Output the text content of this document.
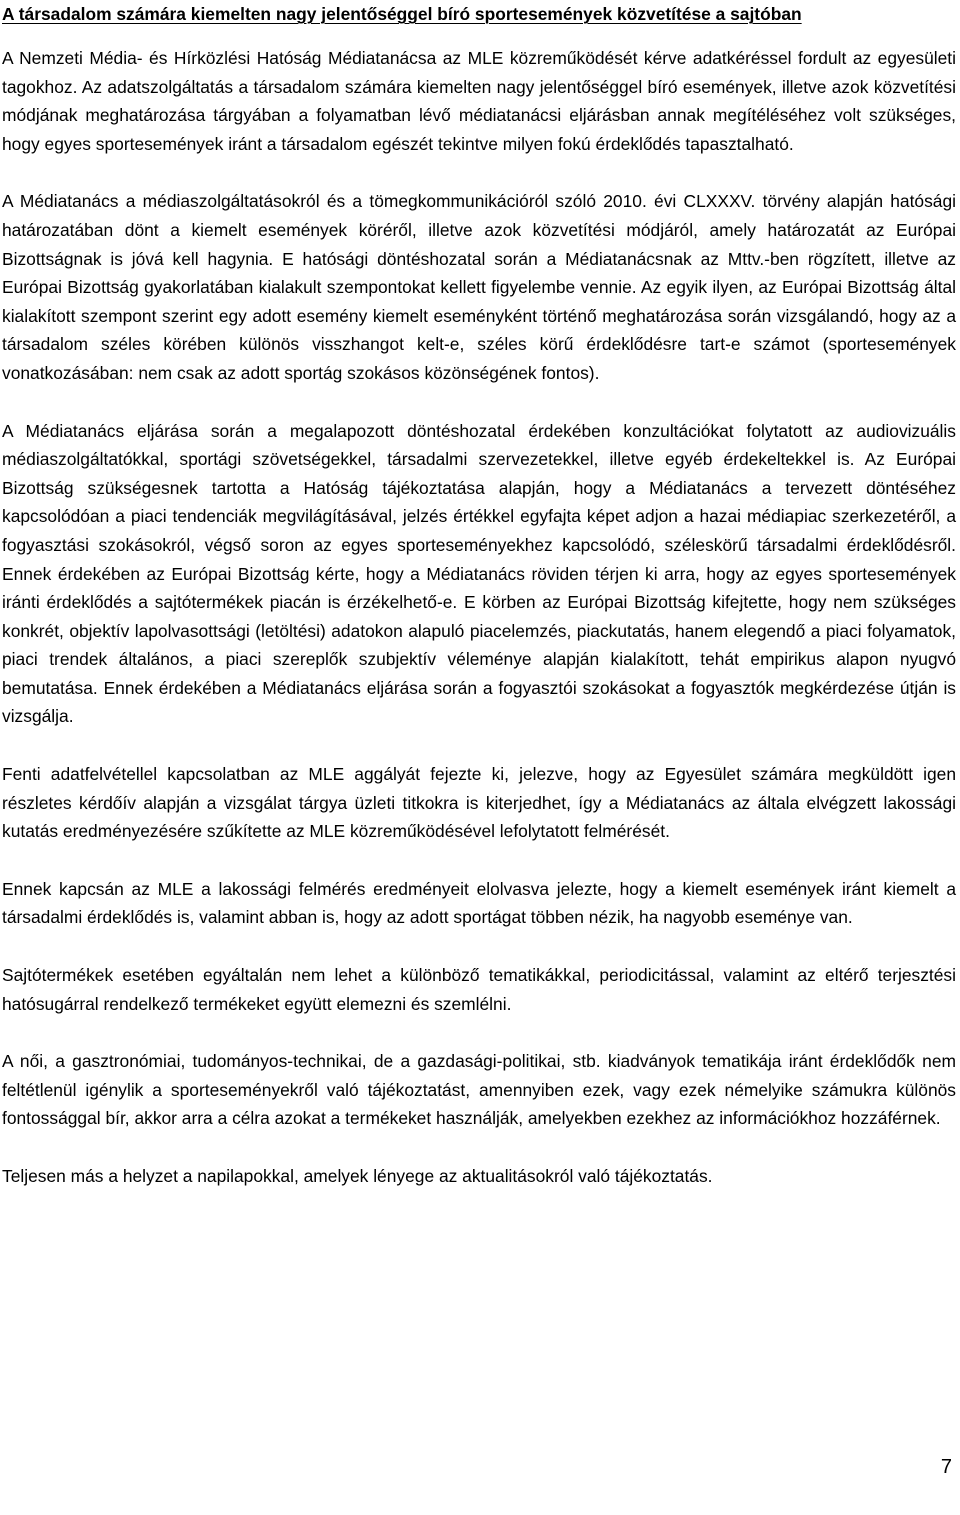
A társadalom számára kiemelten nagy jelentőséggel bíró sportesemények közvetítése a sajtóban

A Nemzeti Média- és Hírközlési Hatóság Médiatanácsa az MLE közreműködését kérve adatkéréssel fordult az egyesületi tagokhoz. Az adatszolgáltatás a társadalom számára kiemelten nagy jelentőséggel bíró események, illetve azok közvetítési módjának meghatározása tárgyában a folyamatban lévő médiatanácsi eljárásban annak megítéléséhez volt szükséges, hogy egyes sportesemények iránt a társadalom egészét tekintve milyen fokú érdeklődés tapasztalható.

A Médiatanács a médiaszolgáltatásokról és a tömegkommunikációról szóló 2010. évi CLXXXV. törvény alapján hatósági határozatában dönt a kiemelt események köréről, illetve azok közvetítési módjáról, amely határozatát az Európai Bizottságnak is jóvá kell hagynia. E hatósági döntéshozatal során a Médiatanácsnak az Mttv.-ben rögzített, illetve az Európai Bizottság gyakorlatában kialakult szempontokat kellett figyelembe vennie. Az egyik ilyen, az Európai Bizottság által kialakított szempont szerint egy adott esemény kiemelt eseményként történő meghatározása során vizsgálandó, hogy az a társadalom széles körében különös visszhangot kelt-e, széles körű érdeklődésre tart-e számot (sportesemények vonatkozásában: nem csak az adott sportág szokásos közönségének fontos).

A Médiatanács eljárása során a megalapozott döntéshozatal érdekében konzultációkat folytatott az audiovizuális médiaszolgáltatókkal, sportági szövetségekkel, társadalmi szervezetekkel, illetve egyéb érdekeltekkel is. Az Európai Bizottság szükségesnek tartotta a Hatóság tájékoztatása alapján, hogy a Médiatanács a tervezett döntéséhez kapcsolódóan a piaci tendenciák megvilágításával, jelzés értékkel egyfajta képet adjon a hazai médiapiac szerkezetéről, a fogyasztási szokásokról, végső soron az egyes sporteseményekhez kapcsolódó, széleskörű társadalmi érdeklődésről. Ennek érdekében az Európai Bizottság kérte, hogy a Médiatanács röviden térjen ki arra, hogy az egyes sportesemények iránti érdeklődés a sajtótermékek piacán is érzékelhető-e. E körben az Európai Bizottság kifejtette, hogy nem szükséges konkrét, objektív lapolvasottsági (letöltési) adatokon alapuló piacelemzés, piackutatás, hanem elegendő a piaci folyamatok, piaci trendek általános, a piaci szereplők szubjektív véleménye alapján kialakított, tehát empirikus alapon nyugvó bemutatása. Ennek érdekében a Médiatanács eljárása során a fogyasztói szokásokat a fogyasztók megkérdezése útján is vizsgálja.

Fenti adatfelvétellel kapcsolatban az MLE aggályát fejezte ki, jelezve, hogy az Egyesület számára megküldött igen részletes kérdőív alapján a vizsgálat tárgya üzleti titkokra is kiterjedhet, így a Médiatanács az általa elvégzett lakossági kutatás eredményezésére szűkítette az MLE közreműködésével lefolytatott felmérését.

Ennek kapcsán az MLE a lakossági felmérés eredményeit elolvasva jelezte, hogy a kiemelt események iránt kiemelt a társadalmi érdeklődés is, valamint abban is, hogy az adott sportágat többen nézik, ha nagyobb eseménye van.

Sajtótermékek esetében egyáltalán nem lehet a különböző tematikákkal, periodicitással, valamint az eltérő terjesztési hatósugárral rendelkező termékeket együtt elemezni és szemlélni.

A női, a gasztronómiai, tudományos-technikai, de a gazdasági-politikai, stb. kiadványok tematikája iránt érdeklődők nem feltétlenül igénylik a sporteseményekről való tájékoztatást, amennyiben ezek, vagy ezek némelyike számukra különös fontossággal bír, akkor arra a célra azokat a termékeket használják, amelyekben ezekhez az információkhoz hozzáférnek.

Teljesen más a helyzet a napilapokkal, amelyek lényege az aktualitásokról való tájékoztatás.

7
